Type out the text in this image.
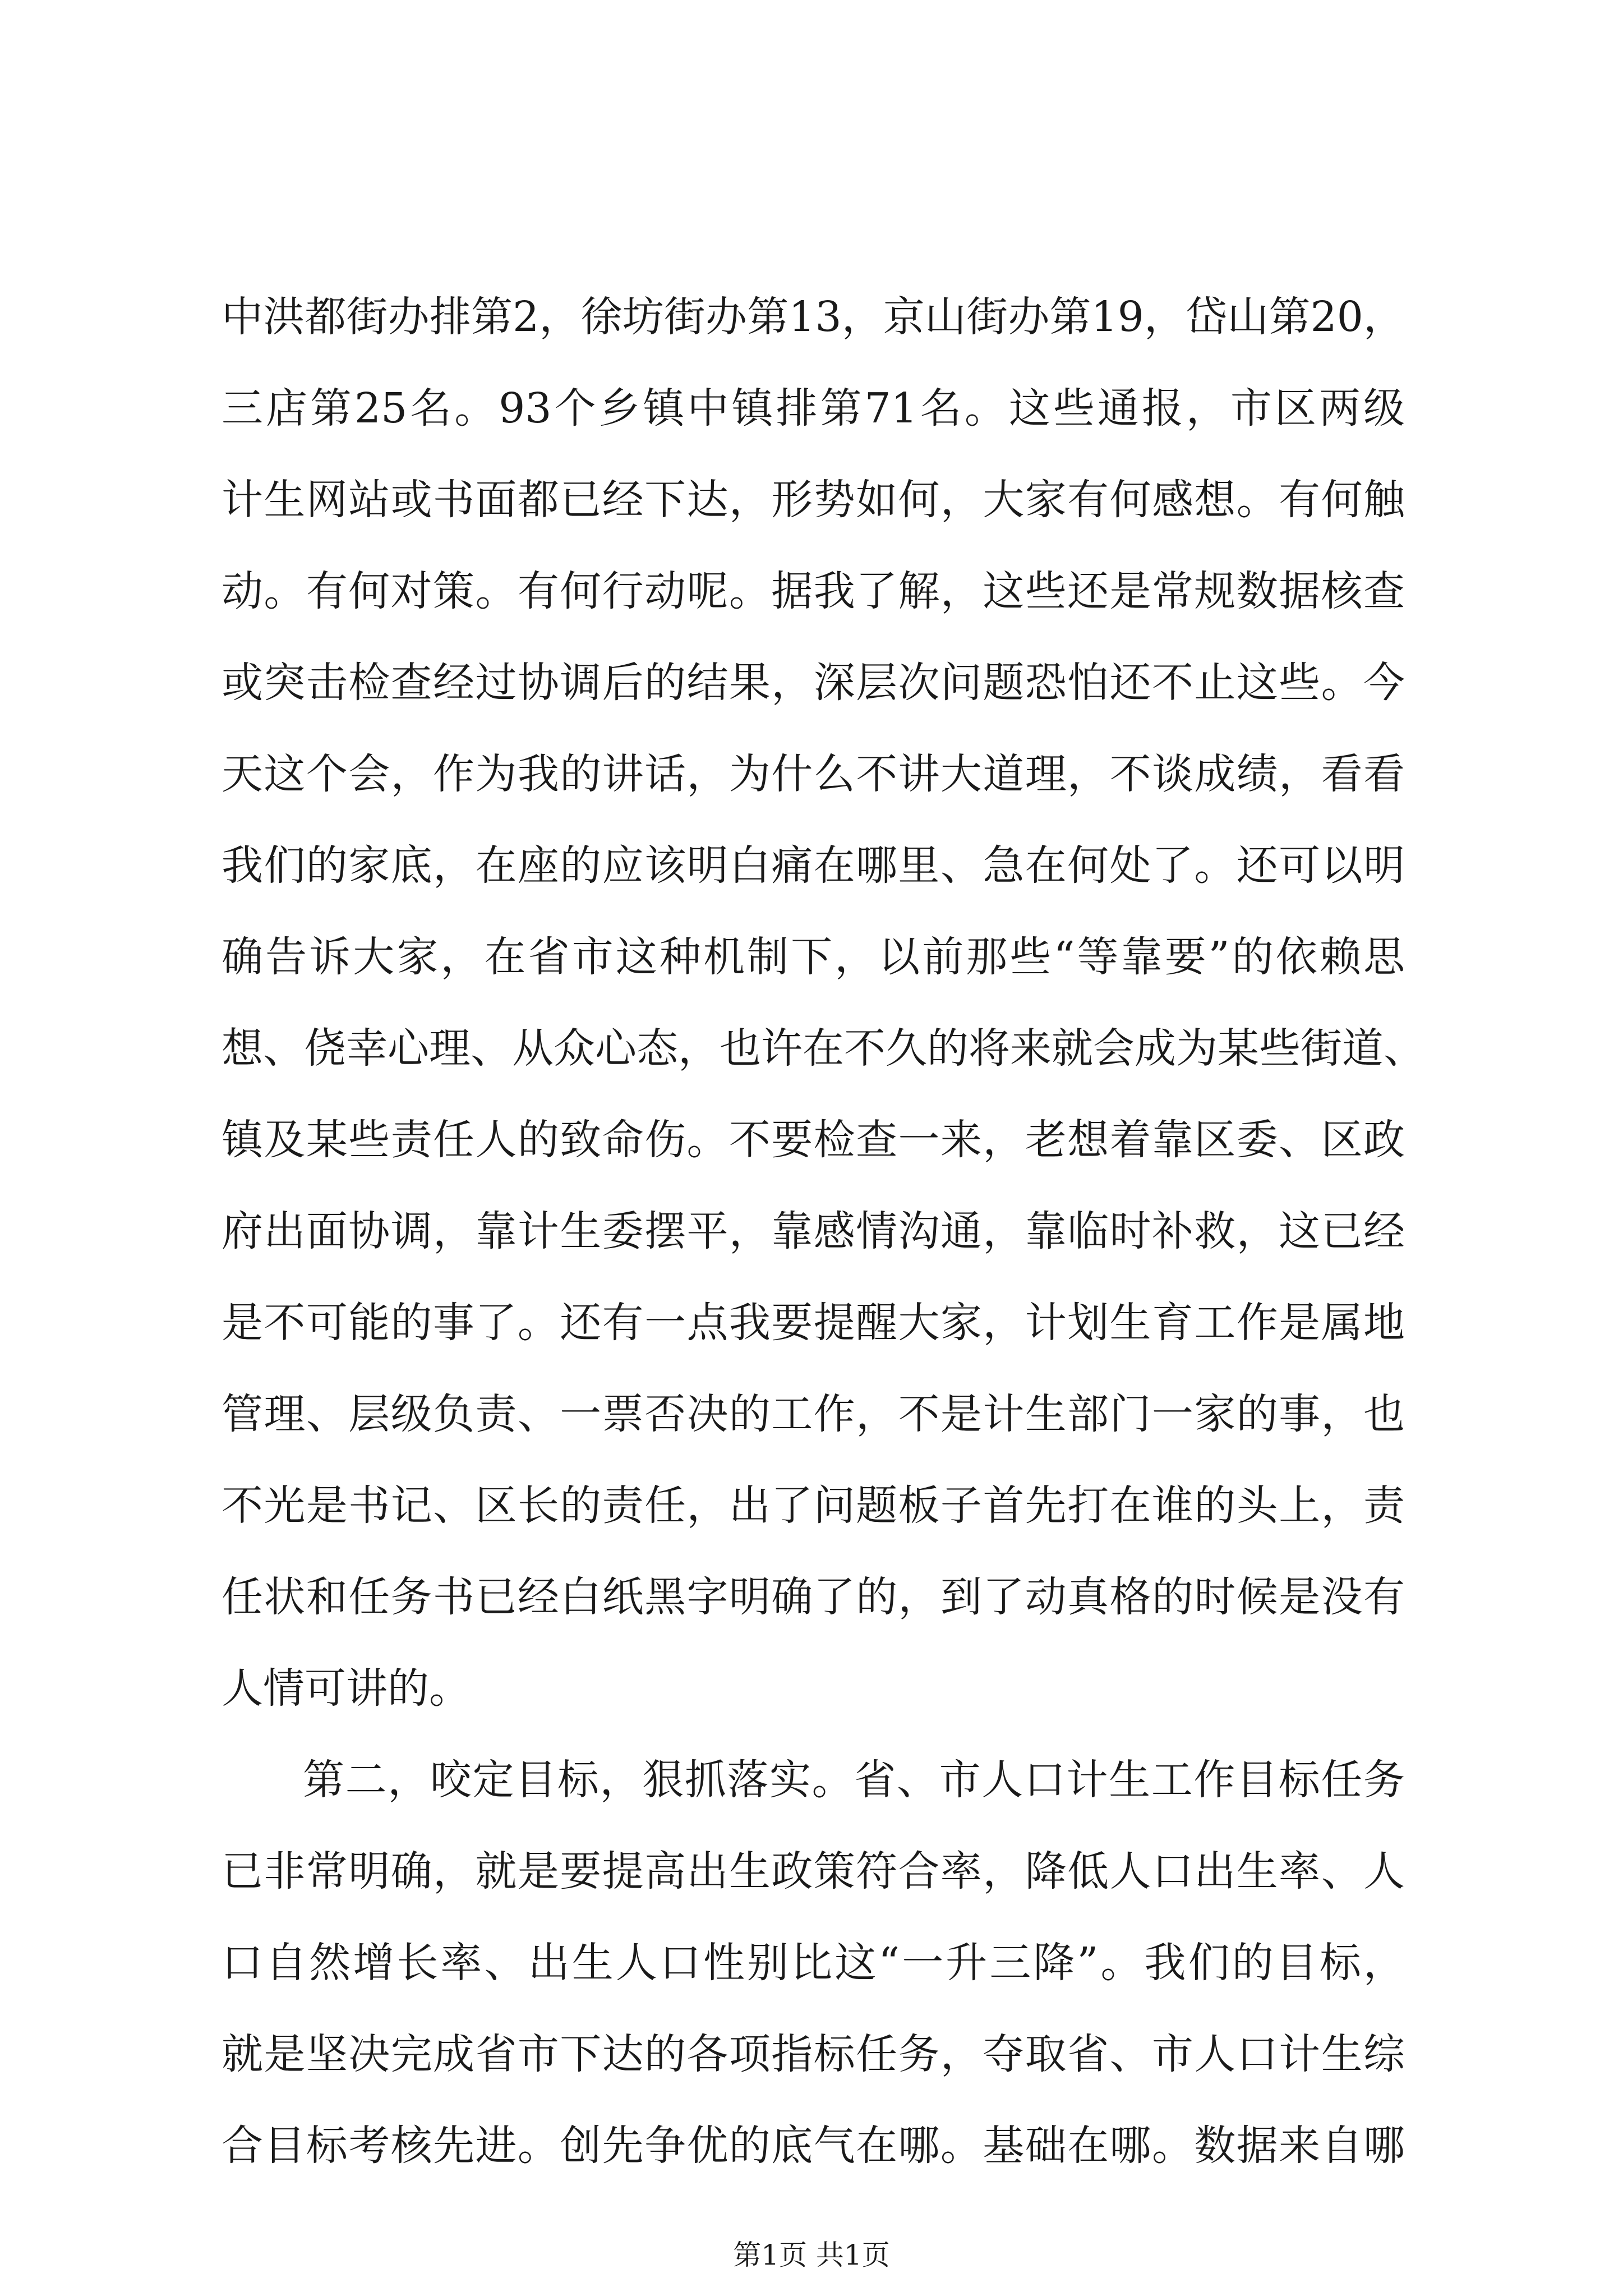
中洪都街办排第2，徐坊街办第13，京山街办第19，岱山第20，
三店第25名。93个乡镇中镇排第71名。这些通报，市区两级
计生网站或书面都已经下达，形势如何，大家有何感想。有何触
动。有何对策。有何行动呢。据我了解，这些还是常规数据核查
或突击检查经过协调后的结果，深层次问题恐怕还不止这些。今
天这个会，作为我的讲话，为什么不讲大道理，不谈成绩，看看
我们的家底，在座的应该明白痛在哪里、急在何处了。还可以明
确告诉大家，在省市这种机制下，以前那些“等靠要”的依赖思
想、侥幸心理、从众心态，也许在不久的将来就会成为某些街道、
镇及某些责任人的致命伤。不要检查一来，老想着靠区委、区政
府出面协调，靠计生委摆平，靠感情沟通，靠临时补救，这已经
是不可能的事了。还有一点我要提醒大家，计划生育工作是属地
管理、层级负责、一票否决的工作，不是计生部门一家的事，也
不光是书记、区长的责任，出了问题板子首先打在谁的头上，责
任状和任务书已经白纸黑字明确了的，到了动真格的时候是没有
人情可讲的。
第二，咬定目标，狠抓落实。省、市人口计生工作目标任务
已非常明确，就是要提高出生政策符合率，降低人口出生率、人
口自然增长率、出生人口性别比这“一升三降”。我们的目标，
就是坚决完成省市下达的各项指标任务，夺取省、市人口计生综
合目标考核先进。创先争优的底气在哪。基础在哪。数据来自哪
第1页 共1页
